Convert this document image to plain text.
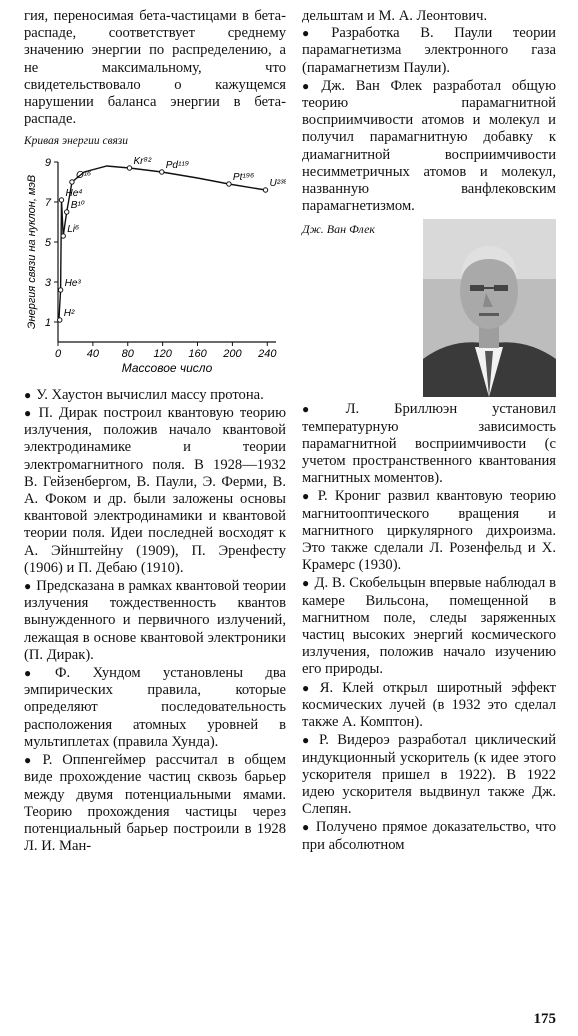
гия, переносимая бета-частицами в бета-распаде, соответствует среднему значению энергии по распределению, а не максимальному, что свидетельствовало о кажущемся нарушении баланса энергии в бета-распаде.

Кривая энергии связи
0 40 80 120 160 200 240
1
3
5
7
9
H²
He³
Li⁶
B¹⁰
He⁴
O¹⁶
Kr⁸² Pd¹¹⁹
Pt¹⁹⁶
U²³⁸
Массовое число
Энергия связи на нуклон, мэВ

● У. Хаустон вычислил массу протона.

● П. Дирак построил квантовую теорию излучения, положив начало квантовой электродинамике и теории электромагнитного поля. В 1928—1932 В. Гейзенбергом, В. Паули, Э. Ферми, В. А. Фоком и др. были заложены основы квантовой электродинамики и квантовой теории поля. Идеи последней восходят к А. Эйнштейну (1909), П. Эренфесту (1906) и П. Дебаю (1910).

● Предсказана в рамках квантовой теории излучения тождественность квантов вынужденного и первичного излучений, лежащая в основе квантовой электроники (П. Дирак).

● Ф. Хундом установлены два эмпирических правила, которые определяют последовательность расположения атомных уровней в мультиплетах (правила Хунда).

● Р. Оппенгеймер рассчитал в общем виде прохождение частиц сквозь барьер между двумя потенциальными ямами. Теорию прохождения частицы через потенциальный барьер построили в 1928 Л. И. Ман-

дельштам и М. А. Леонтович.

● Разработка В. Паули теории парамагнетизма электронного газа (парамагнетизм Паули).

● Дж. Ван Флек разработал общую теорию парамагнитной восприимчивости атомов и молекул и получил парамагнитную добавку к диамагнитной восприимчивости несимметричных атомов и молекул, названную ванфлековским парамагнетизмом.

Дж. Ван Флек

● Л. Бриллюэн установил температурную зависимость парамагнитной восприимчивости (с учетом пространственного квантования магнитных моментов).

● Р. Крониг развил квантовую теорию магнитооптического вращения и магнитного циркулярного дихроизма. Это также сделали Л. Розенфельд и Х. Крамерс (1930).

● Д. В. Скобельцын впервые наблюдал в камере Вильсона, помещенной в магнитном поле, следы заряженных частиц высоких энергий космического излучения, положив начало изучению его природы.

● Я. Клей открыл широтный эффект космических лучей (в 1932 это сделал также А. Комптон).

● Р. Видероэ разработал циклический индукционный ускоритель (к идее этого ускорителя пришел в 1922). В 1922 идею ускорителя выдвинул также Дж. Слепян.

● Получено прямое доказательство, что при абсолютном

175
